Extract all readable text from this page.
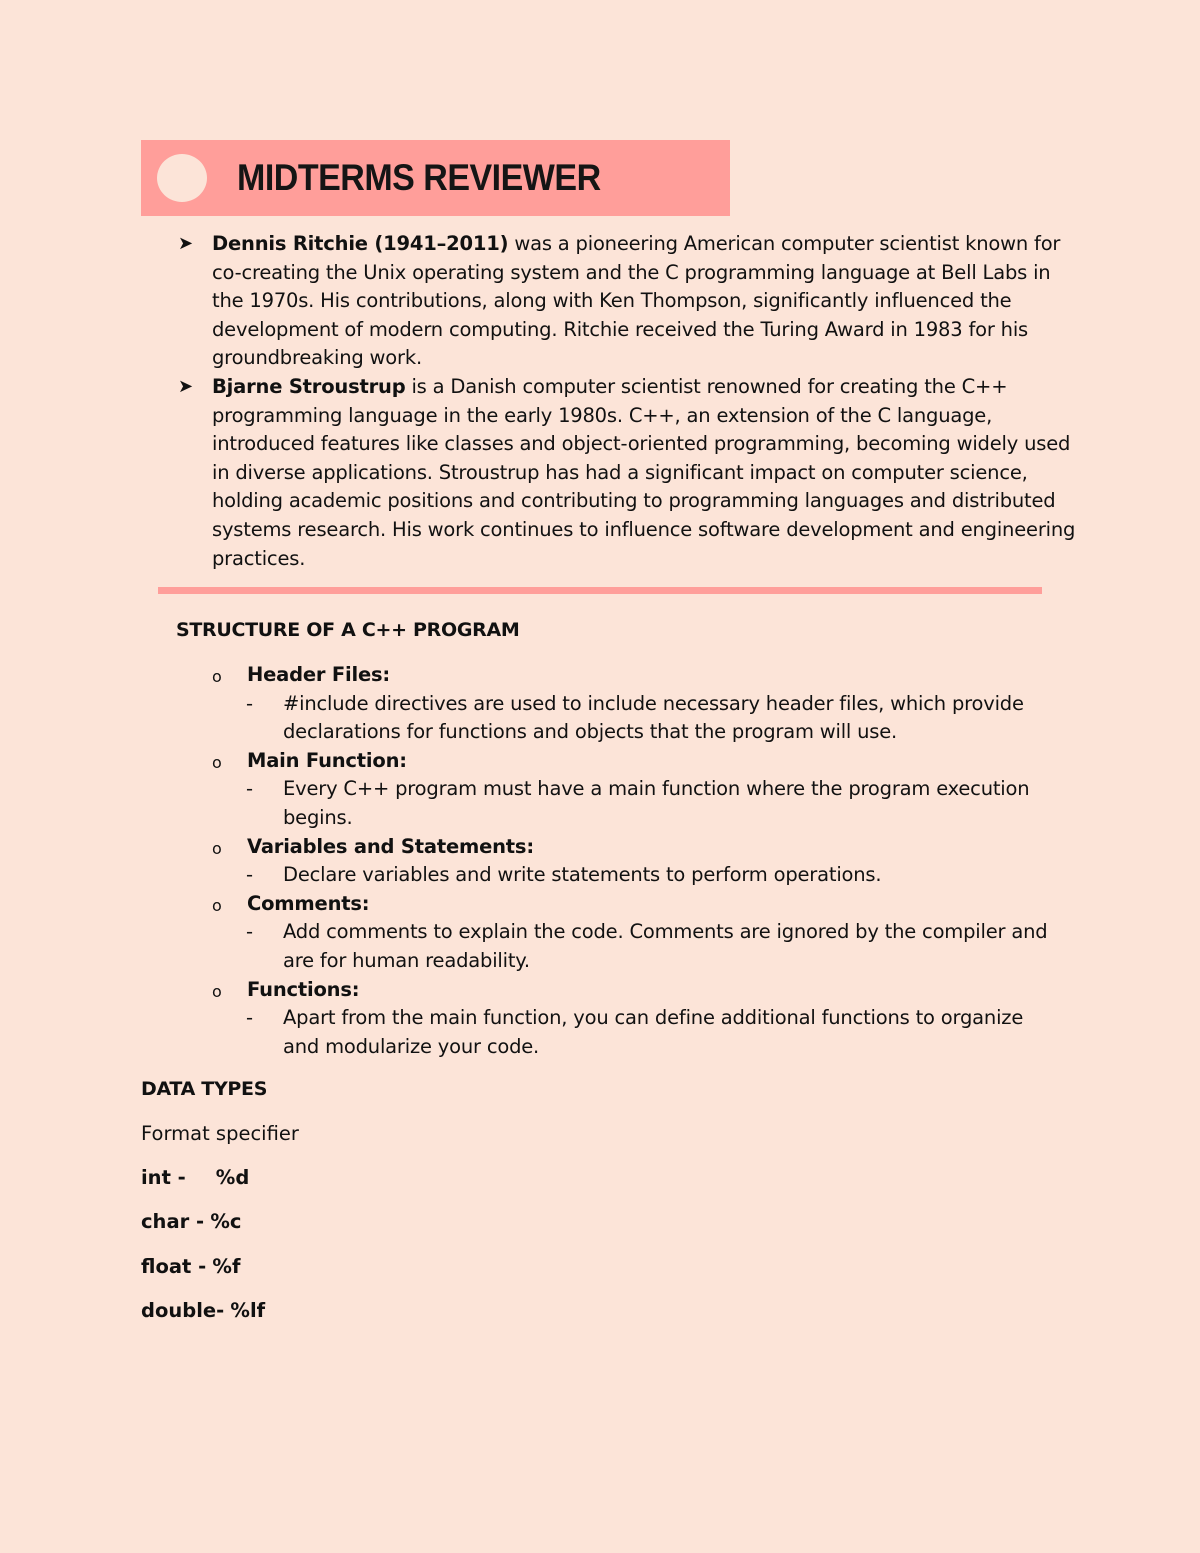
MIDTERMS REVIEWER
➤ Dennis Ritchie (1941–2011) was a pioneering American computer scientist known for co-creating the Unix operating system and the C programming language at Bell Labs in the 1970s. His contributions, along with Ken Thompson, significantly influenced the development of modern computing. Ritchie received the Turing Award in 1983 for his groundbreaking work.
➤ Bjarne Stroustrup is a Danish computer scientist renowned for creating the C++ programming language in the early 1980s. C++, an extension of the C language, introduced features like classes and object-oriented programming, becoming widely used in diverse applications. Stroustrup has had a significant impact on computer science, holding academic positions and contributing to programming languages and distributed systems research. His work continues to influence software development and engineering practices.
STRUCTURE OF A C++ PROGRAM
o Header Files:
- #include directives are used to include necessary header files, which provide declarations for functions and objects that the program will use.
o Main Function:
- Every C++ program must have a main function where the program execution begins.
o Variables and Statements:
- Declare variables and write statements to perform operations.
o Comments:
- Add comments to explain the code. Comments are ignored by the compiler and are for human readability.
o Functions:
- Apart from the main function, you can define additional functions to organize and modularize your code.
DATA TYPES
Format specifier
int - %d
char - %c
float - %f
double- %lf
